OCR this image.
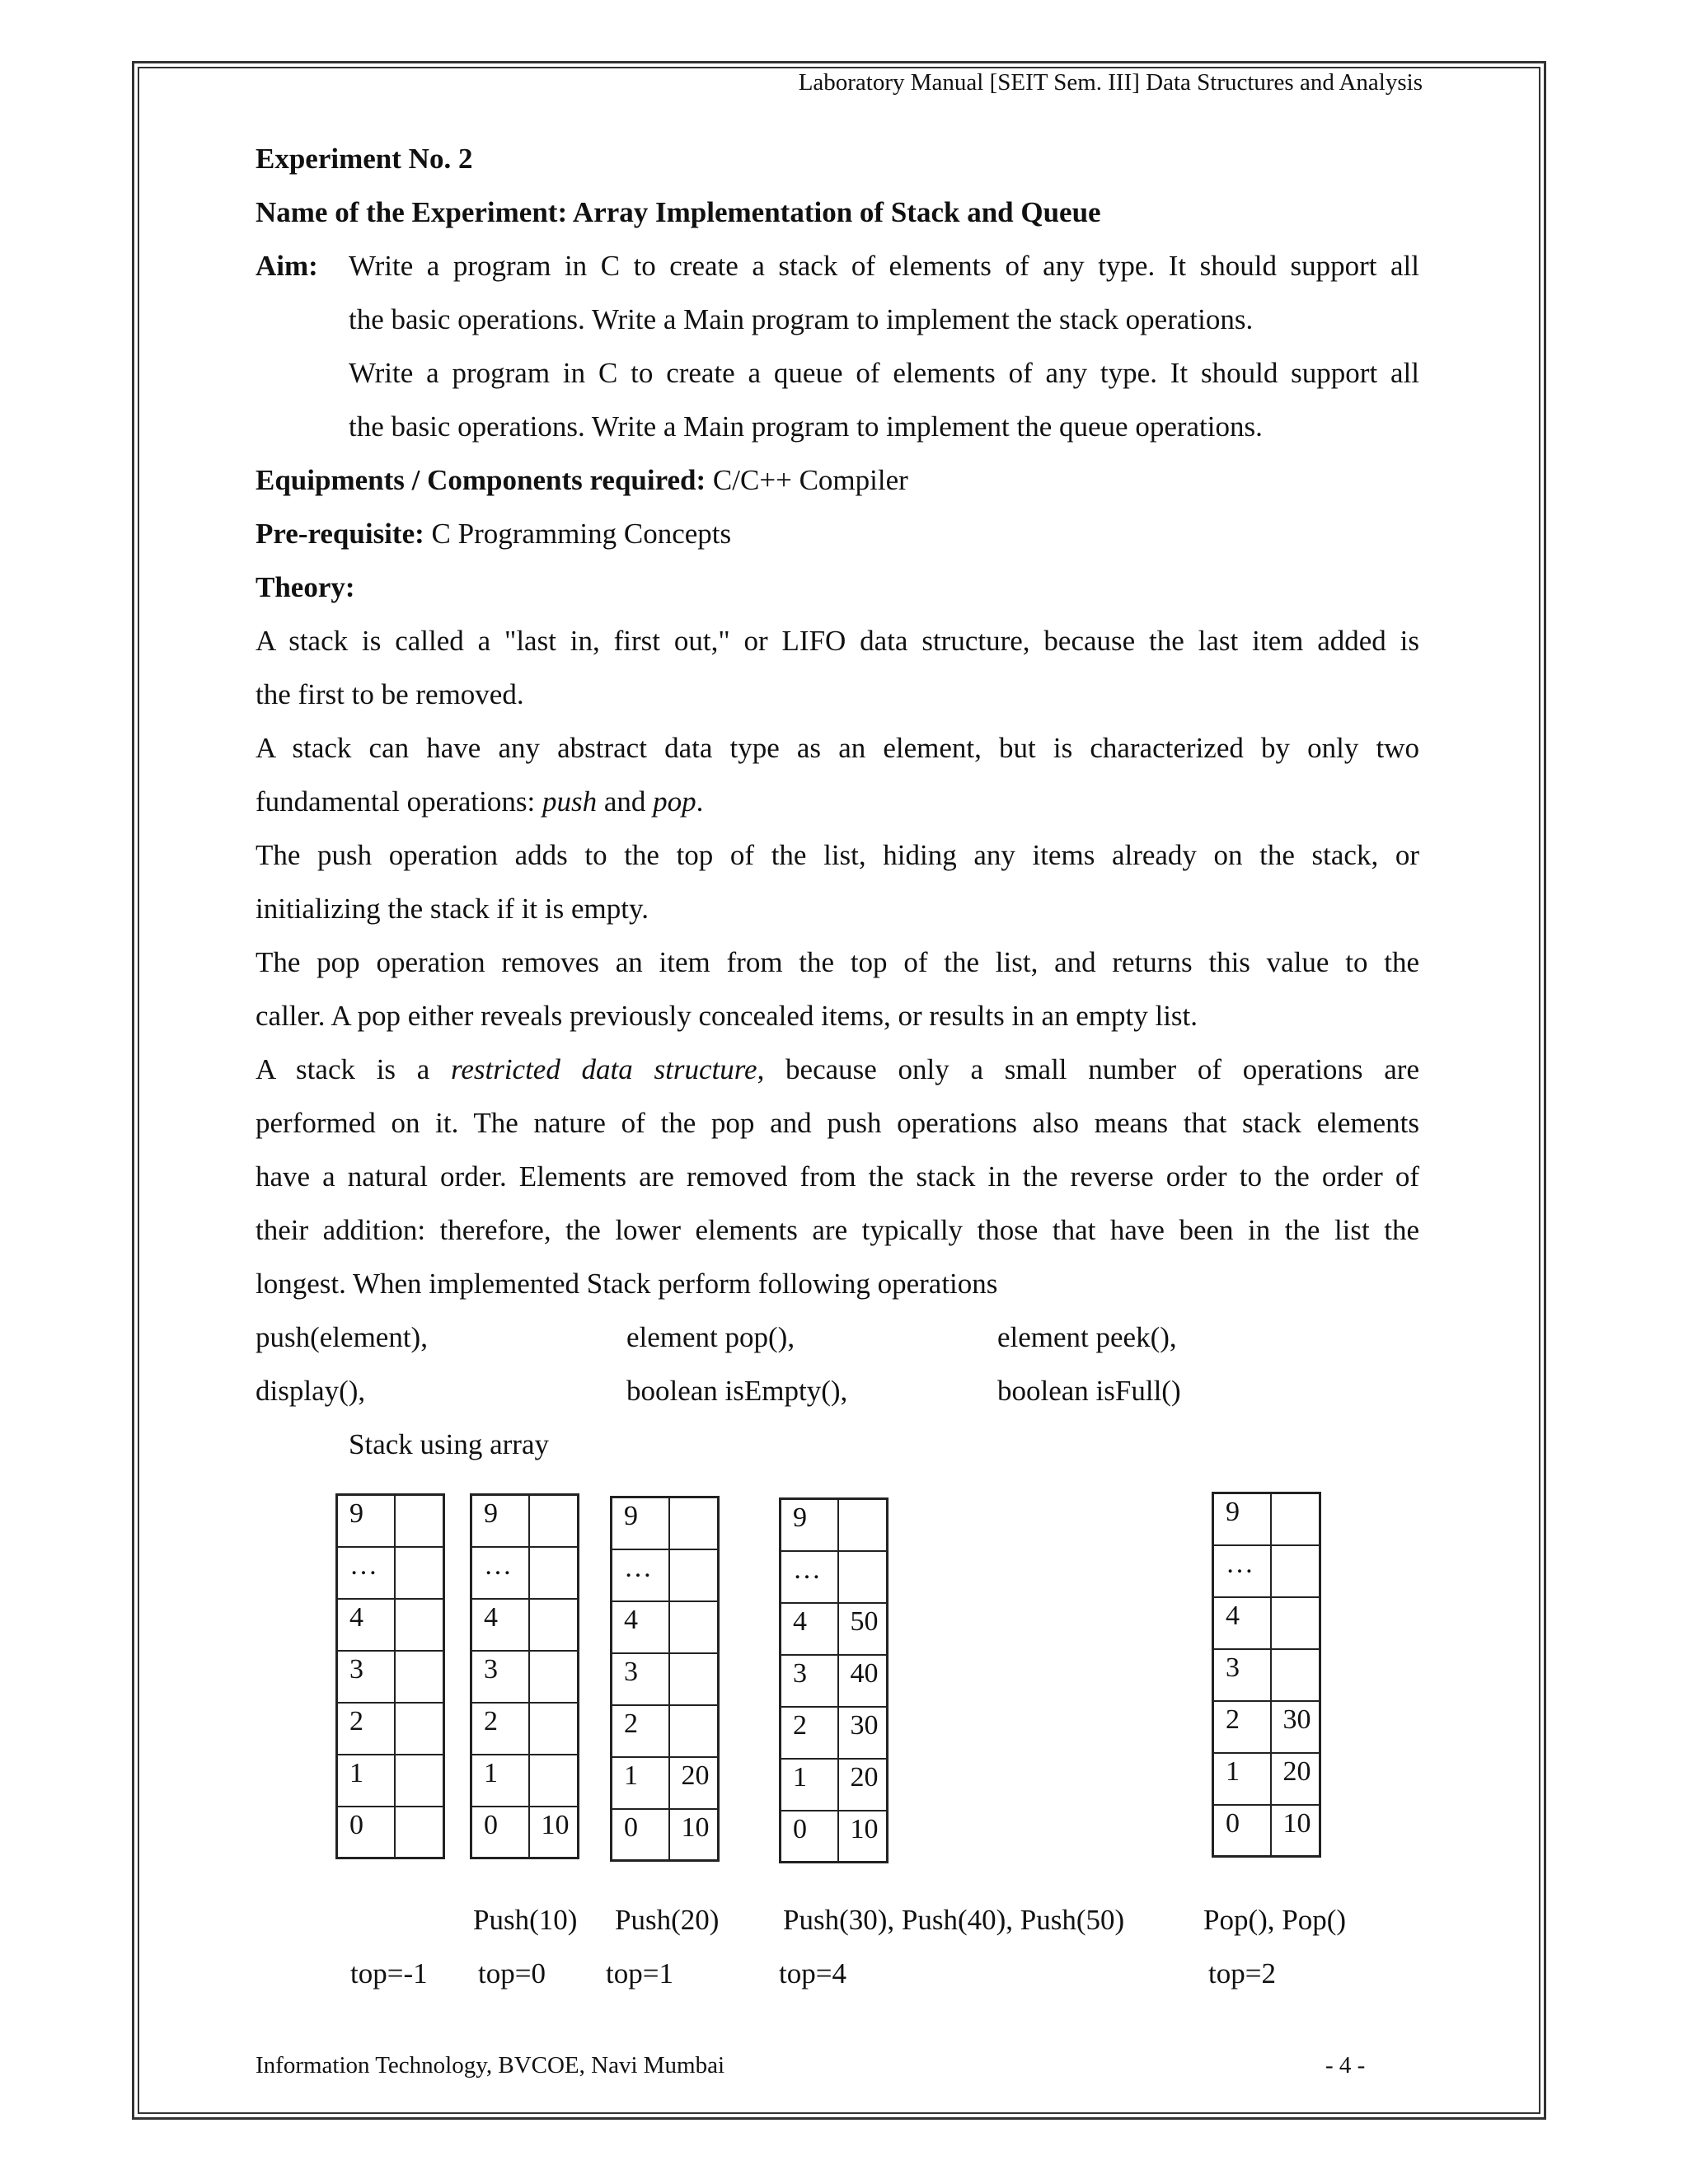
Laboratory Manual [SEIT Sem. III] Data Structures and Analysis

Experiment No. 2

Name of the Experiment: Array Implementation of Stack and Queue

Aim:	Write a program in C to create a stack of elements of any type. It should support all

the basic operations. Write a Main program to implement the stack operations.

Write a program in C to create a queue of elements of any type. It should support all

the basic operations. Write a Main program to implement the queue operations.

Equipments / Components required: C/C++ Compiler

Pre-requisite: C Programming Concepts

Theory:

A stack is called a "last in, first out," or LIFO data structure, because the last item added is

the first to be removed.

A stack can have any abstract data type as an element, but is characterized by only two

fundamental operations: push and pop.

The push operation adds to the top of the list, hiding any items already on the stack, or

initializing the stack if it is empty.

The pop operation removes an item from the top of the list, and returns this value to the

caller. A pop either reveals previously concealed items, or results in an empty list.

A stack is a restricted data structure, because only a small number of operations are

performed on it. The nature of the pop and push operations also means that stack elements

have a natural order. Elements are removed from the stack in the reverse order to the order of

their addition: therefore, the lower elements are typically those that have been in the list the

longest. When implemented Stack perform following operations

push(element),	element pop(),	element peek(),
display(),	boolean isEmpty(),	boolean isFull()

Stack using array

9	
…	
4	
3	
2	
1	
0	
9	
…	
4	
3	
2	
1	
0	10
9	
…	
4	
3	
2	
1	20
0	10
9	
…	
4	50
3	40
2	30
1	20
0	10
9	
…	
4	
3	
2	30
1	20
0	10
Push(10) Push(20) Push(30), Push(40), Push(50)	Pop(), Pop()
top=-1 top=0 top=1	top=4	top=2
Information Technology, BVCOE, Navi Mumbai	- 4 -
